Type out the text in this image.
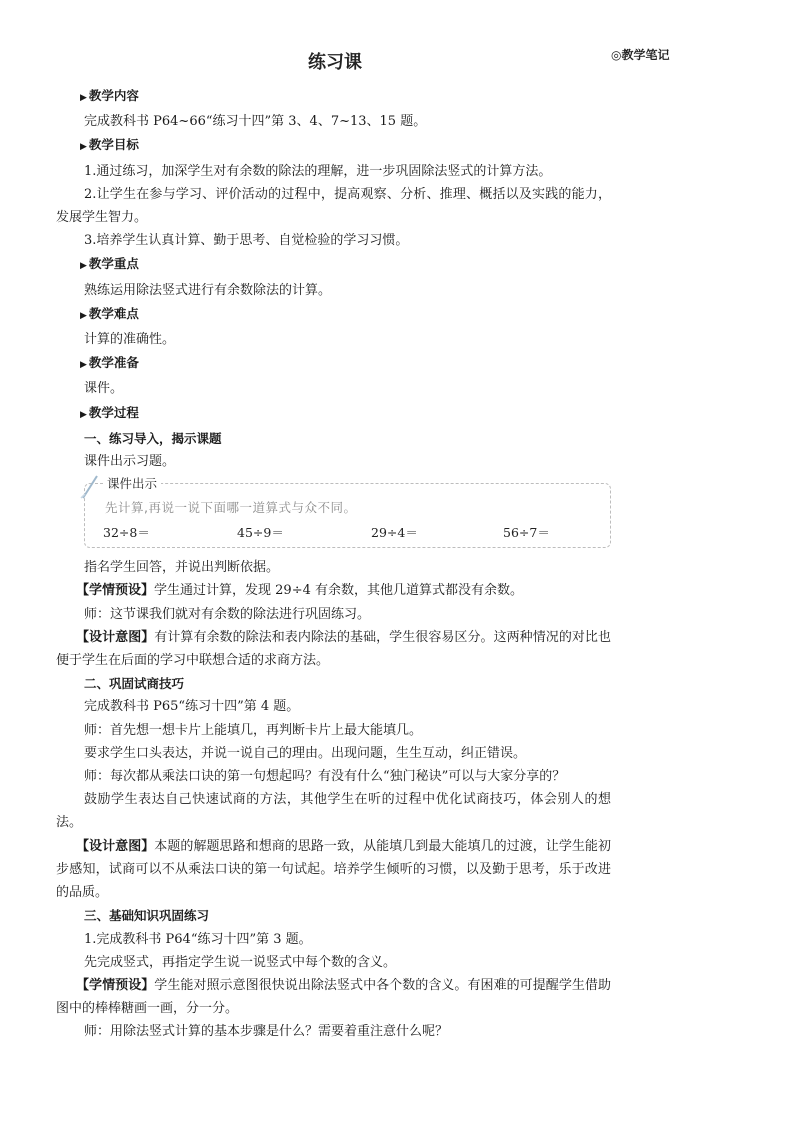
练习课	◎教学笔记
▶ 教学内容
完成教科书 P64~66“练习十四”第 3、4、7~13、15 题。
▶ 教学目标
1.通过练习，加深学生对有余数的除法的理解，进一步巩固除法竖式的计算方法。
2.让学生在参与学习、评价活动的过程中，提高观察、分析、推理、概括以及实践的能力，发展学生智力。
3.培养学生认真计算、勤于思考、自觉检验的学习习惯。
▶ 教学重点
熟练运用除法竖式进行有余数除法的计算。
▶ 教学难点
计算的准确性。
▶ 教学准备
课件。
▶ 教学过程
一、练习导入，揭示课题
课件出示习题。
课件出示
先计算,再说一说下面哪一道算式与众不同。
32÷8＝	45÷9＝	29÷4＝	56÷7＝
指名学生回答，并说出判断依据。
【学情预设】学生通过计算，发现 29÷4 有余数，其他几道算式都没有余数。
师：这节课我们就对有余数的除法进行巩固练习。
【设计意图】有计算有余数的除法和表内除法的基础，学生很容易区分。这两种情况的对比也便于学生在后面的学习中联想合适的求商方法。
二、巩固试商技巧
完成教科书 P65“练习十四”第 4 题。
师：首先想一想卡片上能填几，再判断卡片上最大能填几。
要求学生口头表达，并说一说自己的理由。出现问题，生生互动，纠正错误。
师：每次都从乘法口诀的第一句想起吗？有没有什么“独门秘诀”可以与大家分享的？
鼓励学生表达自己快速试商的方法，其他学生在听的过程中优化试商技巧，体会别人的想法。
【设计意图】本题的解题思路和想商的思路一致，从能填几到最大能填几的过渡，让学生能初步感知，试商可以不从乘法口诀的第一句试起。培养学生倾听的习惯，以及勤于思考，乐于改进的品质。
三、基础知识巩固练习
1.完成教科书 P64“练习十四”第 3 题。
先完成竖式，再指定学生说一说竖式中每个数的含义。
【学情预设】学生能对照示意图很快说出除法竖式中各个数的含义。有困难的可提醒学生借助图中的棒棒糖画一画，分一分。
师：用除法竖式计算的基本步骤是什么？需要着重注意什么呢？
